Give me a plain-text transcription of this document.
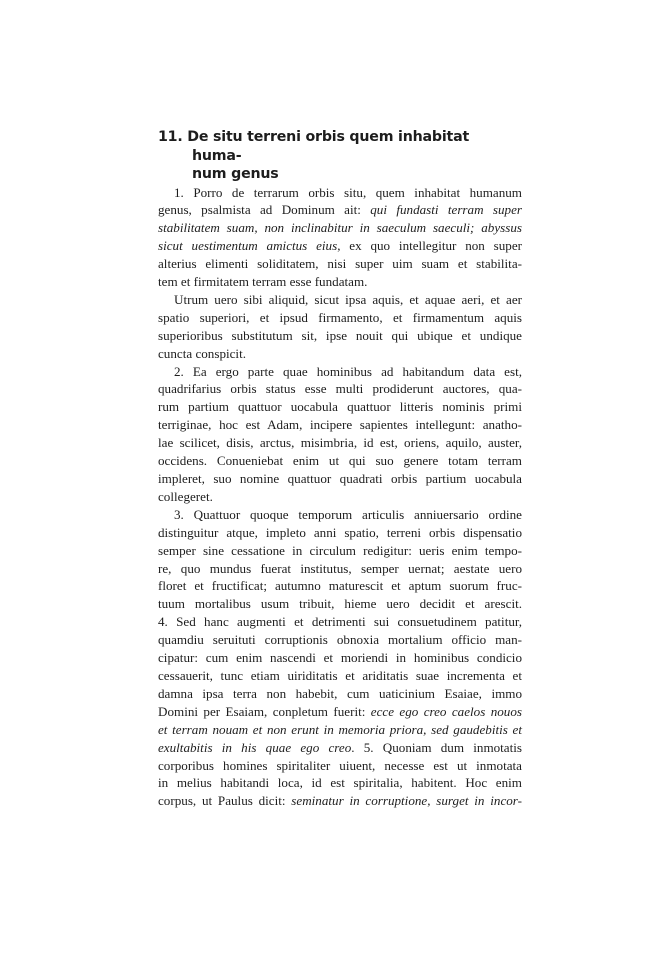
11. De situ terreni orbis quem inhabitat huma-
num genus
1. Porro de terrarum orbis situ, quem inhabitat humanum
genus, psalmista ad Dominum ait: qui fundasti terram super
stabilitatem suam, non inclinabitur in saeculum saeculi; abyssus
sicut uestimentum amictus eius, ex quo intellegitur non super
alterius elimenti soliditatem, nisi super uim suam et stabilita-
tem et firmitatem terram esse fundatam.
Utrum uero sibi aliquid, sicut ipsa aquis, et aquae aeri, et aer
spatio superiori, et ipsud firmamento, et firmamentum aquis
superioribus substitutum sit, ipse nouit qui ubique et undique
cuncta conspicit.
2. Ea ergo parte quae hominibus ad habitandum data est,
quadrifarius orbis status esse multi prodiderunt auctores, qua-
rum partium quattuor uocabula quattuor litteris nominis primi
terriginae, hoc est Adam, incipere sapientes intellegunt: anatho-
lae scilicet, disis, arctus, misimbria, id est, oriens, aquilo, auster,
occidens. Conueniebat enim ut qui suo genere totam terram
impleret, suo nomine quattuor quadrati orbis partium uocabula
collegeret.
3. Quattuor quoque temporum articulis anniuersario ordine
distinguitur atque, impleto anni spatio, terreni orbis dispensatio
semper sine cessatione in circulum redigitur: ueris enim tempo-
re, quo mundus fuerat institutus, semper uernat; aestate uero
floret et fructificat; autumno maturescit et aptum suorum fruc-
tuum mortalibus usum tribuit, hieme uero decidit et arescit.
4. Sed hanc augmenti et detrimenti sui consuetudinem patitur,
quamdiu seruituti corruptionis obnoxia mortalium officio man-
cipatur: cum enim nascendi et moriendi in hominibus condicio
cessauerit, tunc etiam uiriditatis et ariditatis suae incrementa et
damna ipsa terra non habebit, cum uaticinium Esaiae, immo
Domini per Esaiam, conpletum fuerit: ecce ego creo caelos nouos
et terram nouam et non erunt in memoria priora, sed gaudebitis et
exultabitis in his quae ego creo. 5. Quoniam dum inmotatis
corporibus homines spiritaliter uiuent, necesse est ut inmotata
in melius habitandi loca, id est spiritalia, habitent. Hoc enim
corpus, ut Paulus dicit: seminatur in corruptione, surget in incor-
